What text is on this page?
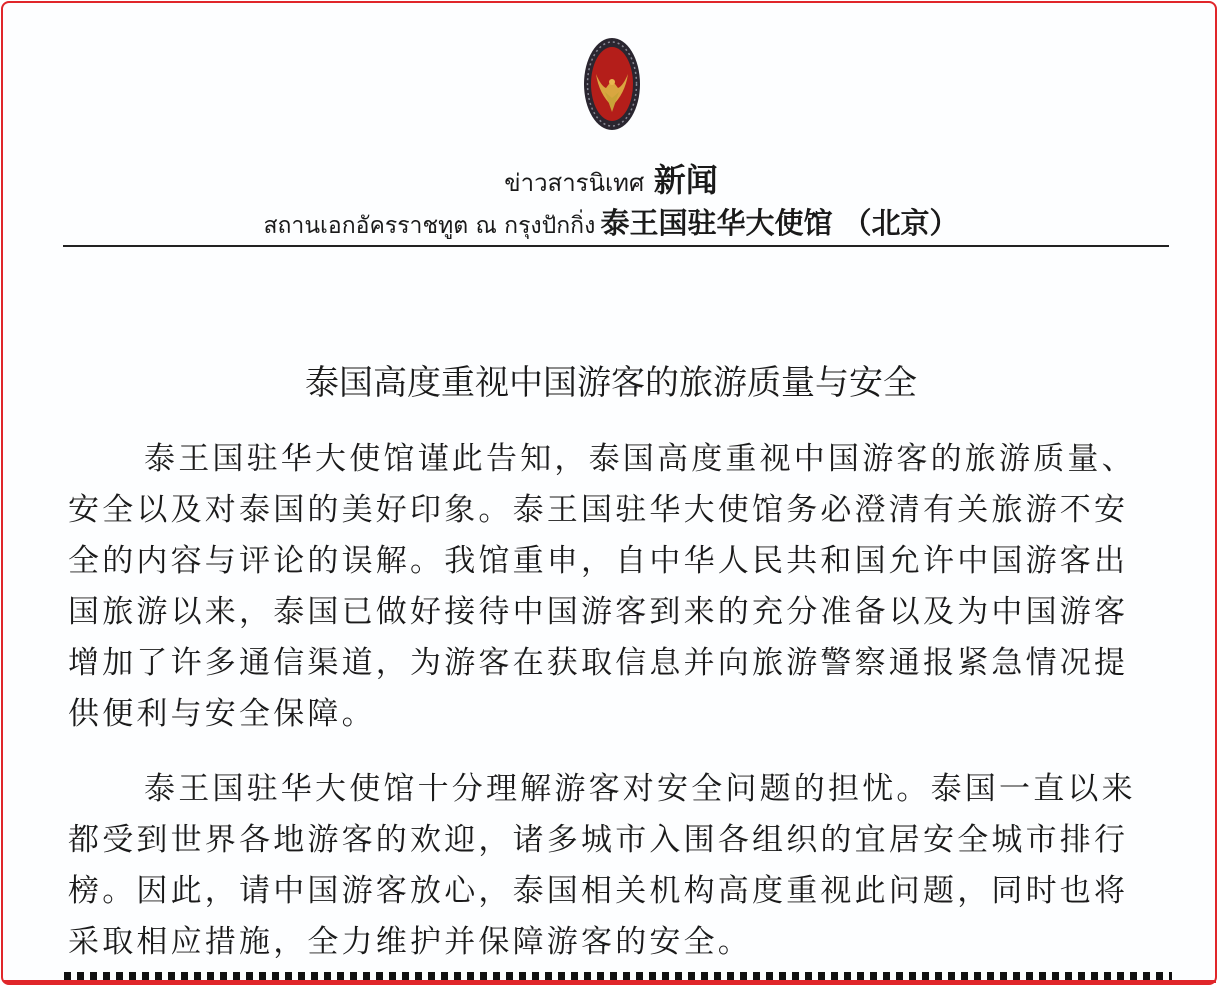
ข่าวสารนิเทศ 新闻
สถานเอกอัครราชทูต ณ กรุงปักกิ่ง 泰王国驻华大使馆 （北京）
泰国高度重视中国游客的旅游质量与安全
泰王国驻华大使馆谨此告知，泰国高度重视中国游客的旅游质量、
安全以及对泰国的美好印象。泰王国驻华大使馆务必澄清有关旅游不安
全的内容与评论的误解。我馆重申，自中华人民共和国允许中国游客出
国旅游以来，泰国已做好接待中国游客到来的充分准备以及为中国游客
增加了许多通信渠道，为游客在获取信息并向旅游警察通报紧急情况提
供便利与安全保障。
泰王国驻华大使馆十分理解游客对安全问题的担忧。泰国一直以来
都受到世界各地游客的欢迎，诸多城市入围各组织的宜居安全城市排行
榜。因此，请中国游客放心，泰国相关机构高度重视此问题，同时也将
采取相应措施，全力维护并保障游客的安全。
